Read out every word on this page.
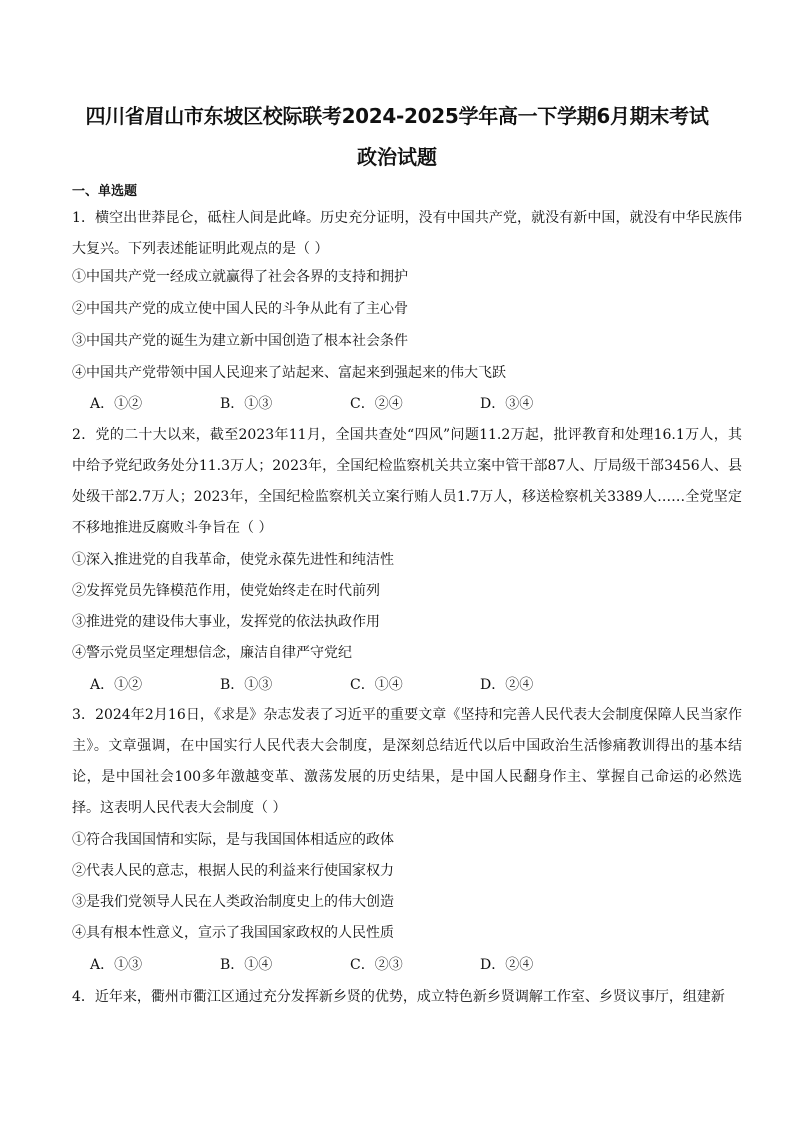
四川省眉山市东坡区校际联考2024-2025学年高一下学期6月期末考试
政治试题
一、单选题
1．横空出世莽昆仑，砥柱人间是此峰。历史充分证明，没有中国共产党，就没有新中国，就没有中华民族伟大复兴。下列表述能证明此观点的是（ ）
①中国共产党一经成立就赢得了社会各界的支持和拥护
②中国共产党的成立使中国人民的斗争从此有了主心骨
③中国共产党的诞生为建立新中国创造了根本社会条件
④中国共产党带领中国人民迎来了站起来、富起来到强起来的伟大飞跃
A．①②	B．①③	C．②④	D．③④
2．党的二十大以来，截至2023年11月，全国共查处“四风”问题11.2万起，批评教育和处理16.1万人，其中给予党纪政务处分11.3万人；2023年，全国纪检监察机关共立案中管干部87人、厅局级干部3456人、县处级干部2.7万人；2023年，全国纪检监察机关立案行贿人员1.7万人，移送检察机关3389人……全党坚定不移地推进反腐败斗争旨在（ ）
①深入推进党的自我革命，使党永葆先进性和纯洁性
②发挥党员先锋模范作用，使党始终走在时代前列
③推进党的建设伟大事业，发挥党的依法执政作用
④警示党员坚定理想信念，廉洁自律严守党纪
A．①②	B．①③	C．①④	D．②④
3．2024年2月16日，《求是》杂志发表了习近平的重要文章《坚持和完善人民代表大会制度保障人民当家作主》。文章强调，在中国实行人民代表大会制度，是深刻总结近代以后中国政治生活惨痛教训得出的基本结论，是中国社会100多年激越变革、激荡发展的历史结果，是中国人民翻身作主、掌握自己命运的必然选择。这表明人民代表大会制度（ ）
①符合我国国情和实际，是与我国国体相适应的政体
②代表人民的意志，根据人民的利益来行使国家权力
③是我们党领导人民在人类政治制度史上的伟大创造
④具有根本性意义，宣示了我国国家政权的人民性质
A．①③	B．①④	C．②③	D．②④
4．近年来，衢州市衢江区通过充分发挥新乡贤的优势，成立特色新乡贤调解工作室、乡贤议事厅，组建新
